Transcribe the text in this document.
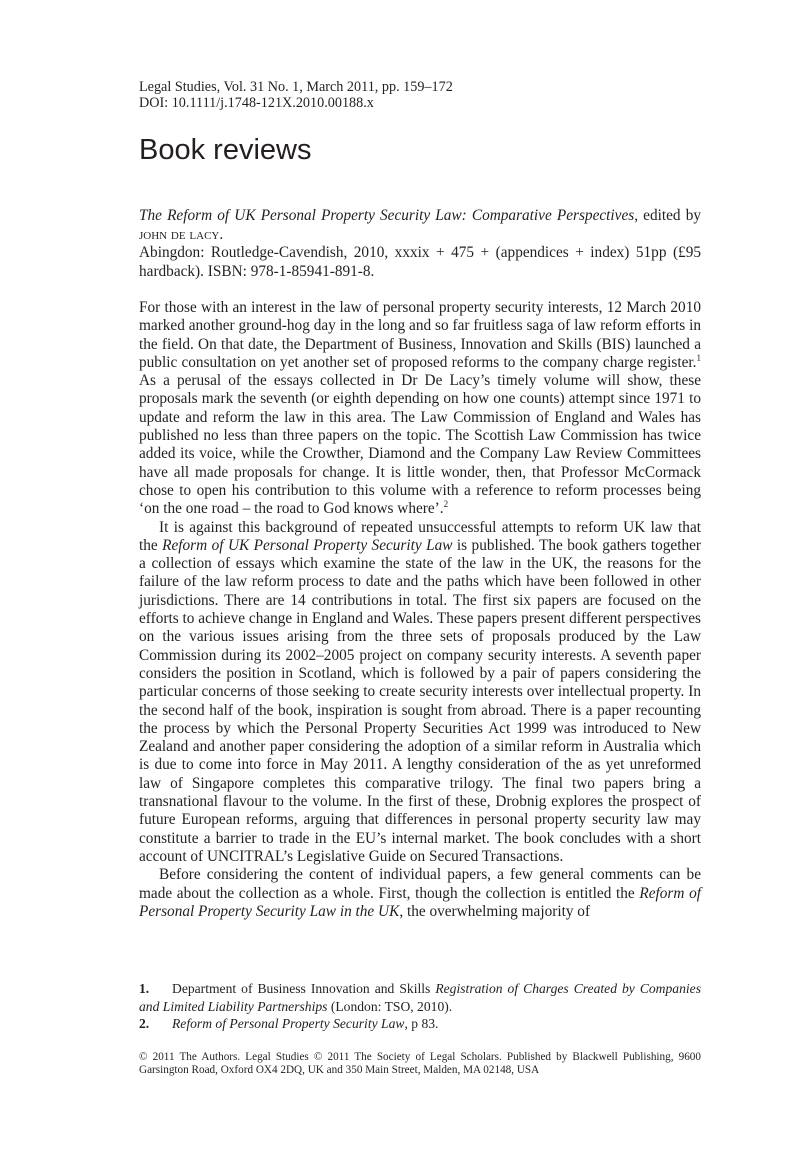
Legal Studies, Vol. 31 No. 1, March 2011, pp. 159–172
DOI: 10.1111/j.1748-121X.2010.00188.x
Book reviews
The Reform of UK Personal Property Security Law: Comparative Perspectives, edited by john de lacy.
Abingdon: Routledge-Cavendish, 2010, xxxix + 475 + (appendices + index) 51pp (£95 hardback). ISBN: 978-1-85941-891-8.

For those with an interest in the law of personal property security interests, 12 March 2010 marked another ground-hog day in the long and so far fruitless saga of law reform efforts in the field. On that date, the Department of Business, Innovation and Skills (BIS) launched a public consultation on yet another set of proposed reforms to the company charge register.$^1$ As a perusal of the essays collected in Dr De Lacy’s timely volume will show, these proposals mark the seventh (or eighth depending on how one counts) attempt since 1971 to update and reform the law in this area. The Law Commission of England and Wales has published no less than three papers on the topic. The Scottish Law Commission has twice added its voice, while the Crowther, Diamond and the Company Law Review Committees have all made proposals for change. It is little wonder, then, that Professor McCormack chose to open his contribution to this volume with a reference to reform processes being ‘on the one road – the road to God knows where’.$^2$

It is against this background of repeated unsuccessful attempts to reform UK law that the Reform of UK Personal Property Security Law is published. The book gathers together a collection of essays which examine the state of the law in the UK, the reasons for the failure of the law reform process to date and the paths which have been followed in other jurisdictions. There are 14 contributions in total. The first six papers are focused on the efforts to achieve change in England and Wales. These papers present different perspectives on the various issues arising from the three sets of proposals produced by the Law Commission during its 2002–2005 project on company security interests. A seventh paper considers the position in Scotland, which is followed by a pair of papers considering the particular concerns of those seeking to create security interests over intellectual property. In the second half of the book, inspiration is sought from abroad. There is a paper recounting the process by which the Personal Property Securities Act 1999 was introduced to New Zealand and another paper considering the adoption of a similar reform in Australia which is due to come into force in May 2011. A lengthy consideration of the as yet unreformed law of Singapore completes this comparative trilogy. The final two papers bring a transnational flavour to the volume. In the first of these, Drobnig explores the prospect of future European reforms, arguing that differences in personal property security law may constitute a barrier to trade in the EU’s internal market. The book concludes with a short account of UNCITRAL’s Legislative Guide on Secured Transactions.

Before considering the content of individual papers, a few general comments can be made about the collection as a whole. First, though the collection is entitled the Reform of Personal Property Security Law in the UK, the overwhelming majority of

1. Department of Business Innovation and Skills Registration of Charges Created by Companies and Limited Liability Partnerships (London: TSO, 2010).

2. Reform of Personal Property Security Law, p 83.

© 2011 The Authors. Legal Studies © 2011 The Society of Legal Scholars. Published by Blackwell Publishing, 9600 Garsington Road, Oxford OX4 2DQ, UK and 350 Main Street, Malden, MA 02148, USA
